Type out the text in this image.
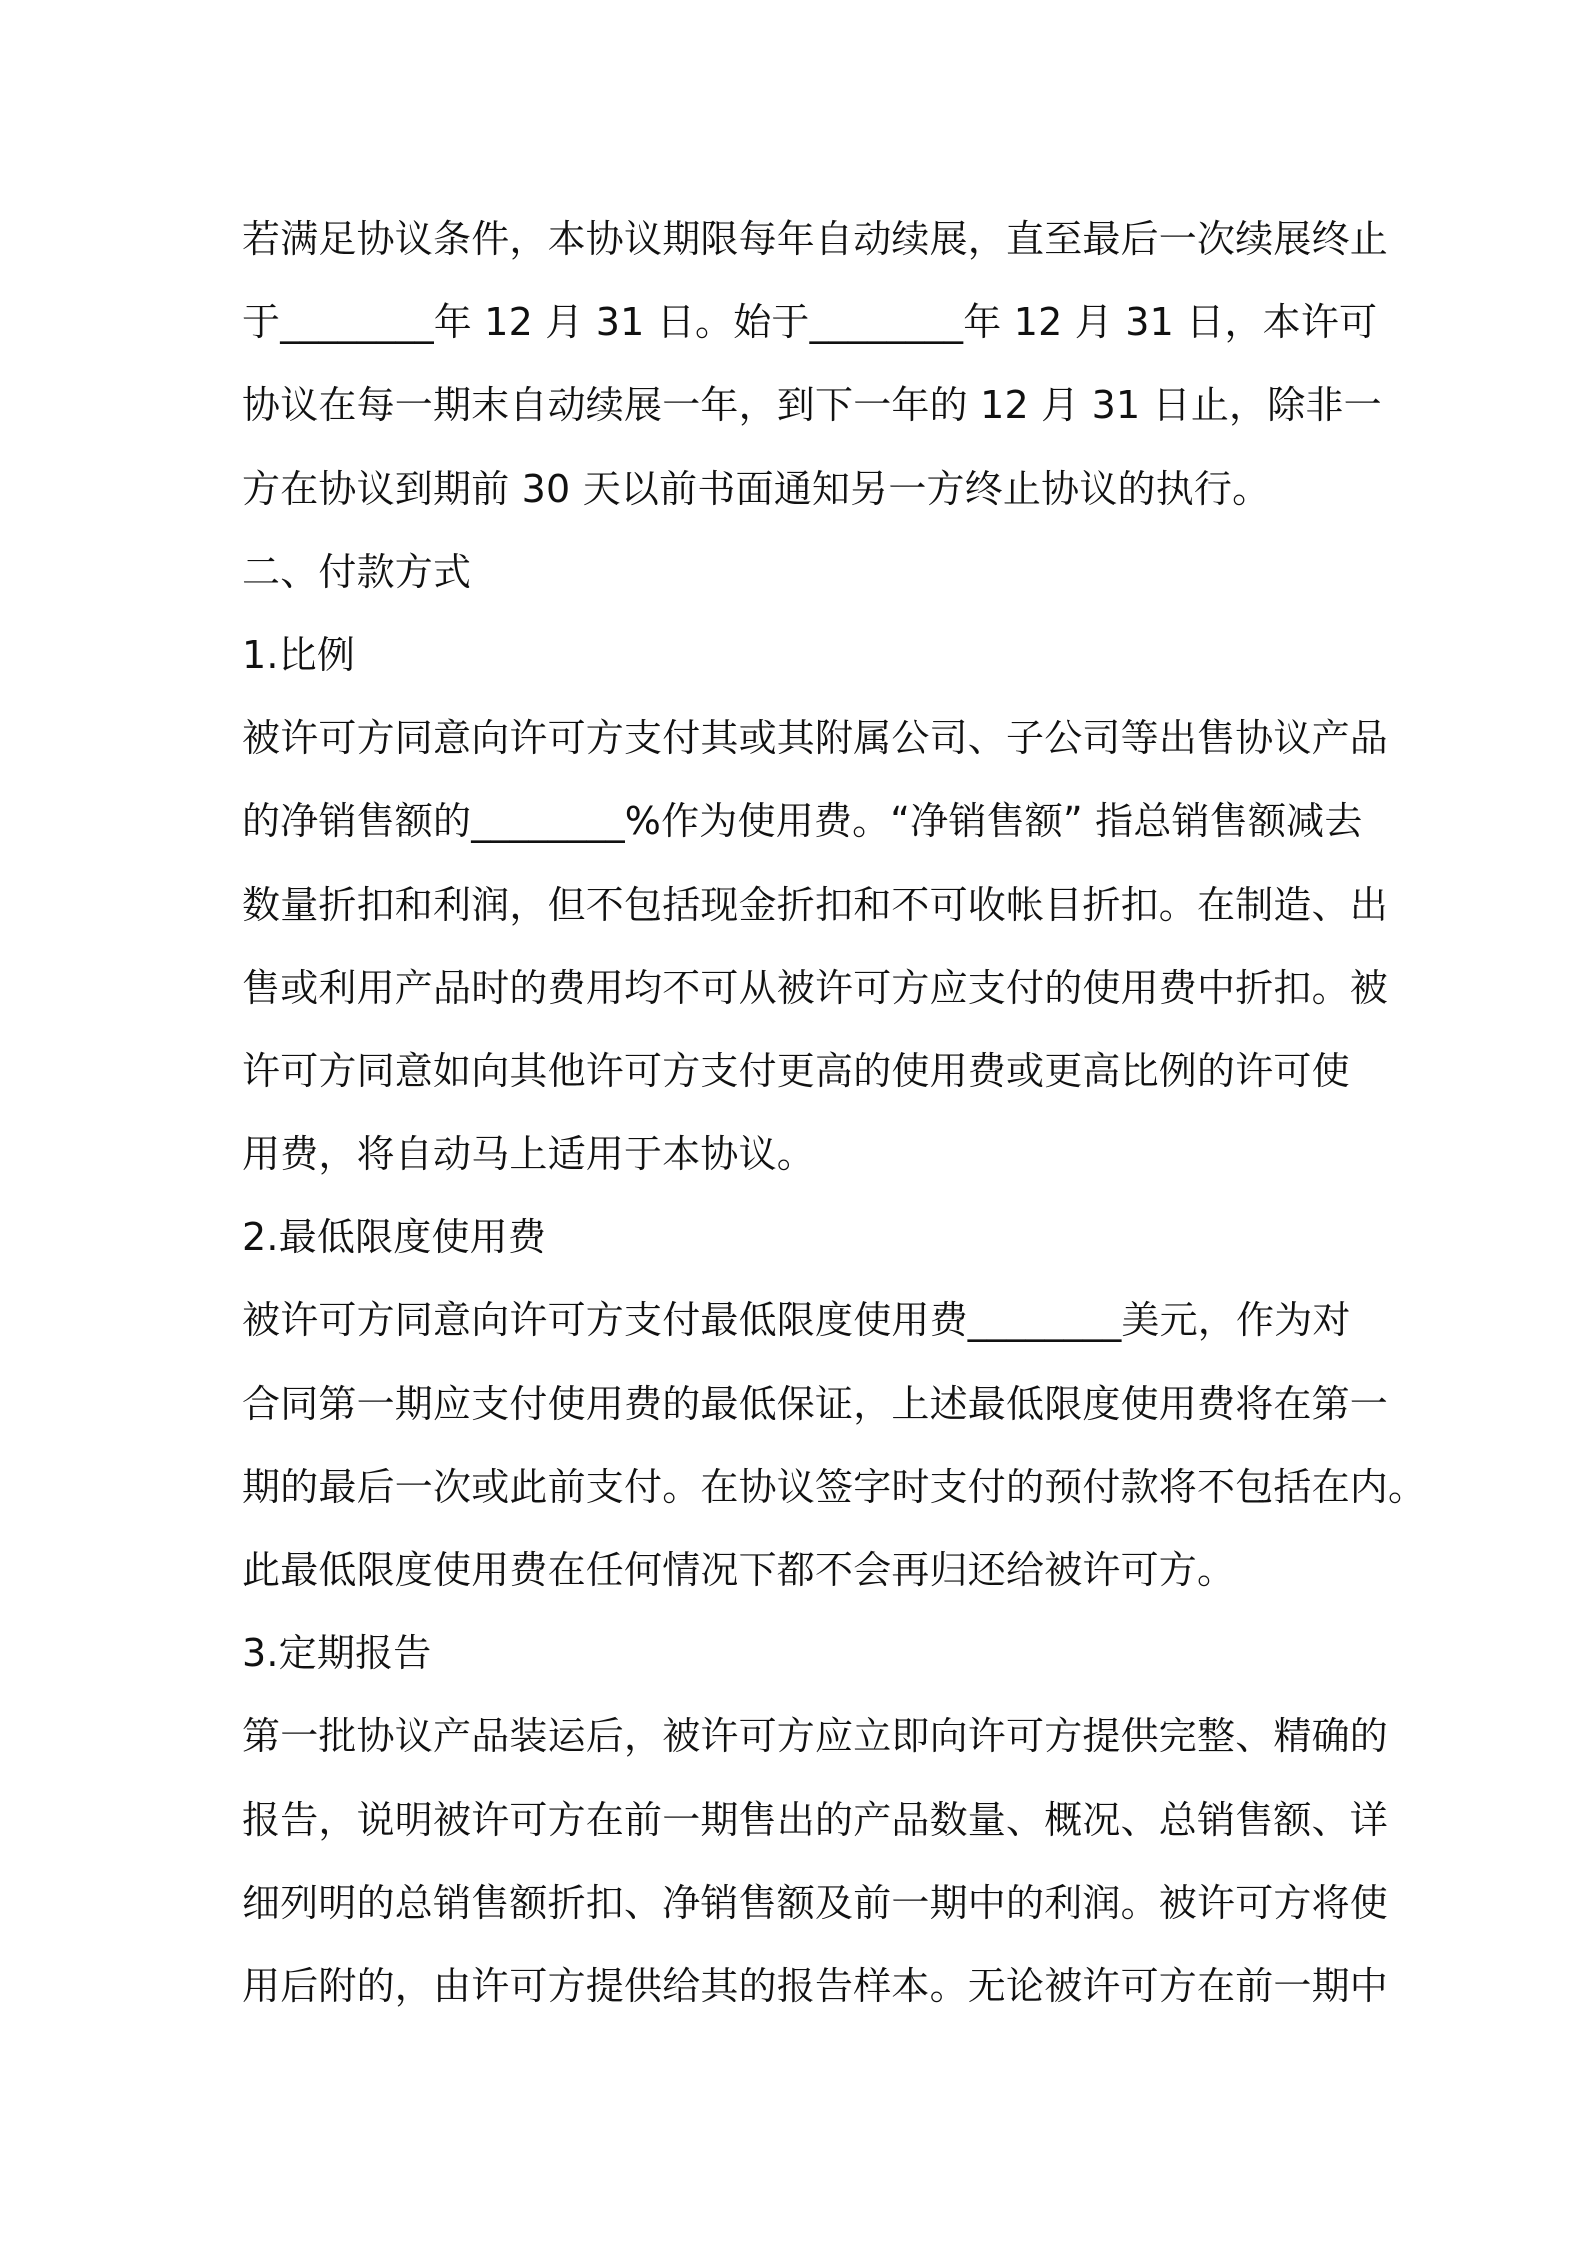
若满足协议条件，本协议期限每年自动续展，直至最后一次续展终止
于________年 12 月 31 日。始于________年 12 月 31 日，本许可
协议在每一期末自动续展一年，到下一年的 12 月 31 日止，除非一
方在协议到期前 30 天以前书面通知另一方终止协议的执行。
二、付款方式
1.比例
被许可方同意向许可方支付其或其附属公司、子公司等出售协议产品
的净销售额的________%作为使用费。“净销售额” 指总销售额减去
数量折扣和利润，但不包括现金折扣和不可收帐目折扣。在制造、出
售或利用产品时的费用均不可从被许可方应支付的使用费中折扣。被
许可方同意如向其他许可方支付更高的使用费或更高比例的许可使
用费，将自动马上适用于本协议。
2.最低限度使用费
被许可方同意向许可方支付最低限度使用费________美元，作为对
合同第一期应支付使用费的最低保证，上述最低限度使用费将在第一
期的最后一次或此前支付。在协议签字时支付的预付款将不包括在内。
此最低限度使用费在任何情况下都不会再归还给被许可方。
3.定期报告
第一批协议产品装运后，被许可方应立即向许可方提供完整、精确的
报告，说明被许可方在前一期售出的产品数量、概况、总销售额、详
细列明的总销售额折扣、净销售额及前一期中的利润。被许可方将使
用后附的，由许可方提供给其的报告样本。无论被许可方在前一期中
